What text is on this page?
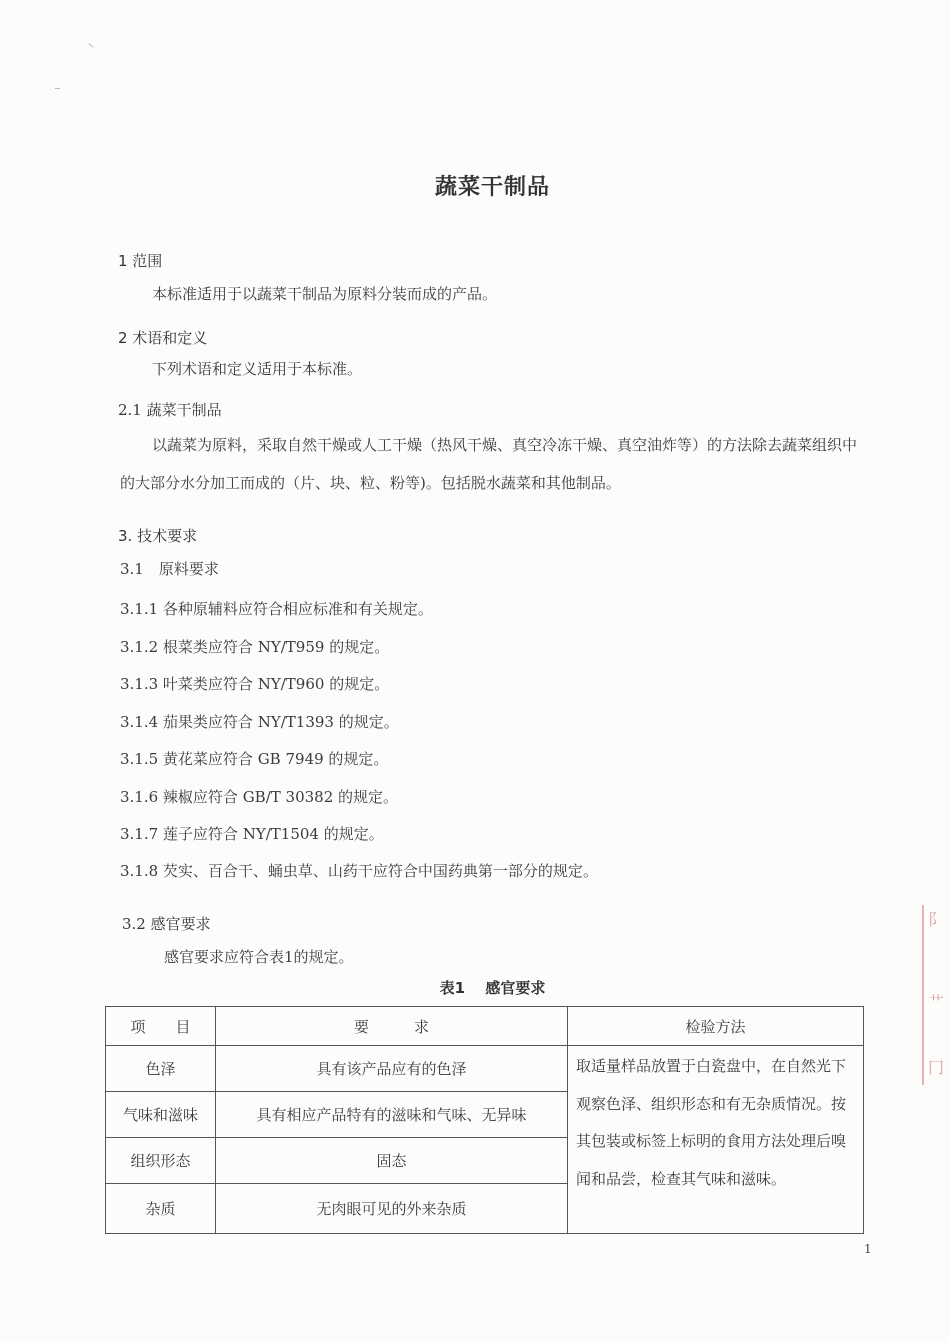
蔬菜干制品
1 范围
本标准适用于以蔬菜干制品为原料分装而成的产品。
2 术语和定义
下列术语和定义适用于本标准。
2.1 蔬菜干制品
以蔬菜为原料，采取自然干燥或人工干燥（热风干燥、真空冷冻干燥、真空油炸等）的方法除去蔬菜组织中的大部分水分加工而成的（片、块、粒、粉等)。包括脱水蔬菜和其他制品。
3. 技术要求
3.1　原料要求
3.1.1 各种原辅料应符合相应标准和有关规定。
3.1.2 根菜类应符合 NY/T959 的规定。
3.1.3 叶菜类应符合 NY/T960 的规定。
3.1.4 茄果类应符合 NY/T1393 的规定。
3.1.5 黄花菜应符合 GB 7949 的规定。
3.1.6 辣椒应符合 GB/T 30382 的规定。
3.1.7 莲子应符合 NY/T1504 的规定。
3.1.8 芡实、百合干、蛹虫草、山药干应符合中国药典第一部分的规定。
3.2 感官要求
感官要求应符合表1的规定。
表1　 感官要求
项　　目	要　　　求	检验方法
色泽	具有该产品应有的色泽	取适量样品放置于白瓷盘中，在自然光下观察色泽、组织形态和有无杂质情况。按其包装或标签上标明的食用方法处理后嗅闻和品尝，检查其气味和滋味。
气味和滋味	具有相应产品特有的滋味和气味、无异味	
组织形态	固态	
杂质	无肉眼可见的外来杂质	
1
阝
艹
冂
